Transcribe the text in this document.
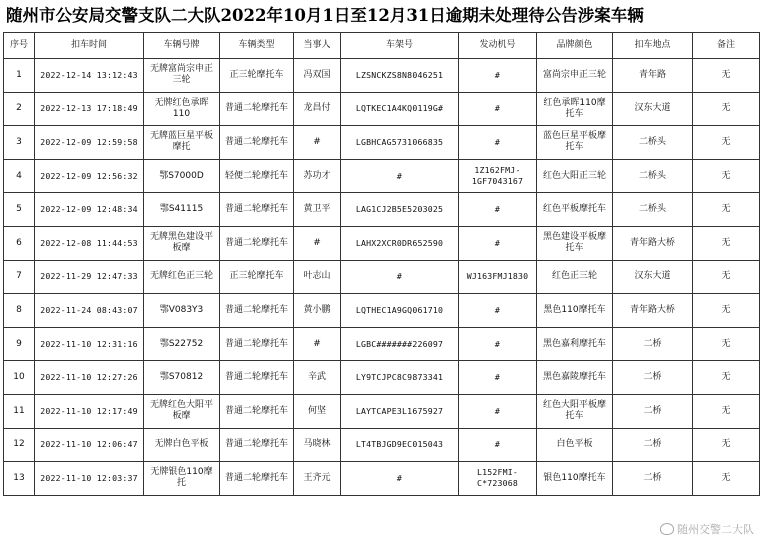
随州市公安局交警支队二大队2022年10月1日至12月31日逾期未处理待公告涉案车辆
序号	扣车时间	车辆号牌	车辆类型	当事人	车架号	发动机号	品牌颜色	扣车地点	备注
1	2022-12-14 13:12:43	无牌富尚宗申正三轮	正三轮摩托车	冯双国	LZSNCKZS8N8046251	#	富尚宗申正三轮	青年路	无
2	2022-12-13 17:18:49	无牌红色承晖110	普通二轮摩托车	龙昌付	LQTKEC1A4KQ0119G#	#	红色承晖110摩托车	汉东大道	无
3	2022-12-09 12:59:58	无牌蓝巨星平板摩托	普通二轮摩托车	#	LGBHCAG5731066835	#	蓝色巨星平板摩托车	二桥头	无
4	2022-12-09 12:56:32	鄂S7000D	轻便二轮摩托车	苏功才	#	1Z162FMJ-1GF7043167	红色大阳正三轮	二桥头	无
5	2022-12-09 12:48:34	鄂S41115	普通二轮摩托车	黄卫平	LAG1CJ2B5E5203025	#	红色平板摩托车	二桥头	无
6	2022-12-08 11:44:53	无牌黑色建设平板摩	普通二轮摩托车	#	LAHX2XCR0DR652590	#	黑色建设平板摩托车	青年路大桥	无
7	2022-11-29 12:47:33	无牌红色正三轮	正三轮摩托车	叶志山	#	WJ163FMJ1830	红色正三轮	汉东大道	无
8	2022-11-24 08:43:07	鄂V083Y3	普通二轮摩托车	黄小鹏	LQTHEC1A9GQ061710	#	黑色110摩托车	青年路大桥	无
9	2022-11-10 12:31:16	鄂S22752	普通二轮摩托车	#	LGBC#######226097	#	黑色嘉利摩托车	二桥	无
10	2022-11-10 12:27:26	鄂S70812	普通二轮摩托车	辛武	LY9TCJPC8C9873341	#	黑色嘉陵摩托车	二桥	无
11	2022-11-10 12:17:49	无牌红色大阳平板摩	普通二轮摩托车	何坚	LAYTCAPE3L1675927	#	红色大阳平板摩托车	二桥	无
12	2022-11-10 12:06:47	无牌白色平板	普通二轮摩托车	马晓林	LT4TBJGD9EC015043	#	白色平板	二桥	无
13	2022-11-10 12:03:37	无牌银色110摩托	普通二轮摩托车	王齐元	#	L152FMI-C*723068	银色110摩托车	二桥	无
随州交警二大队
